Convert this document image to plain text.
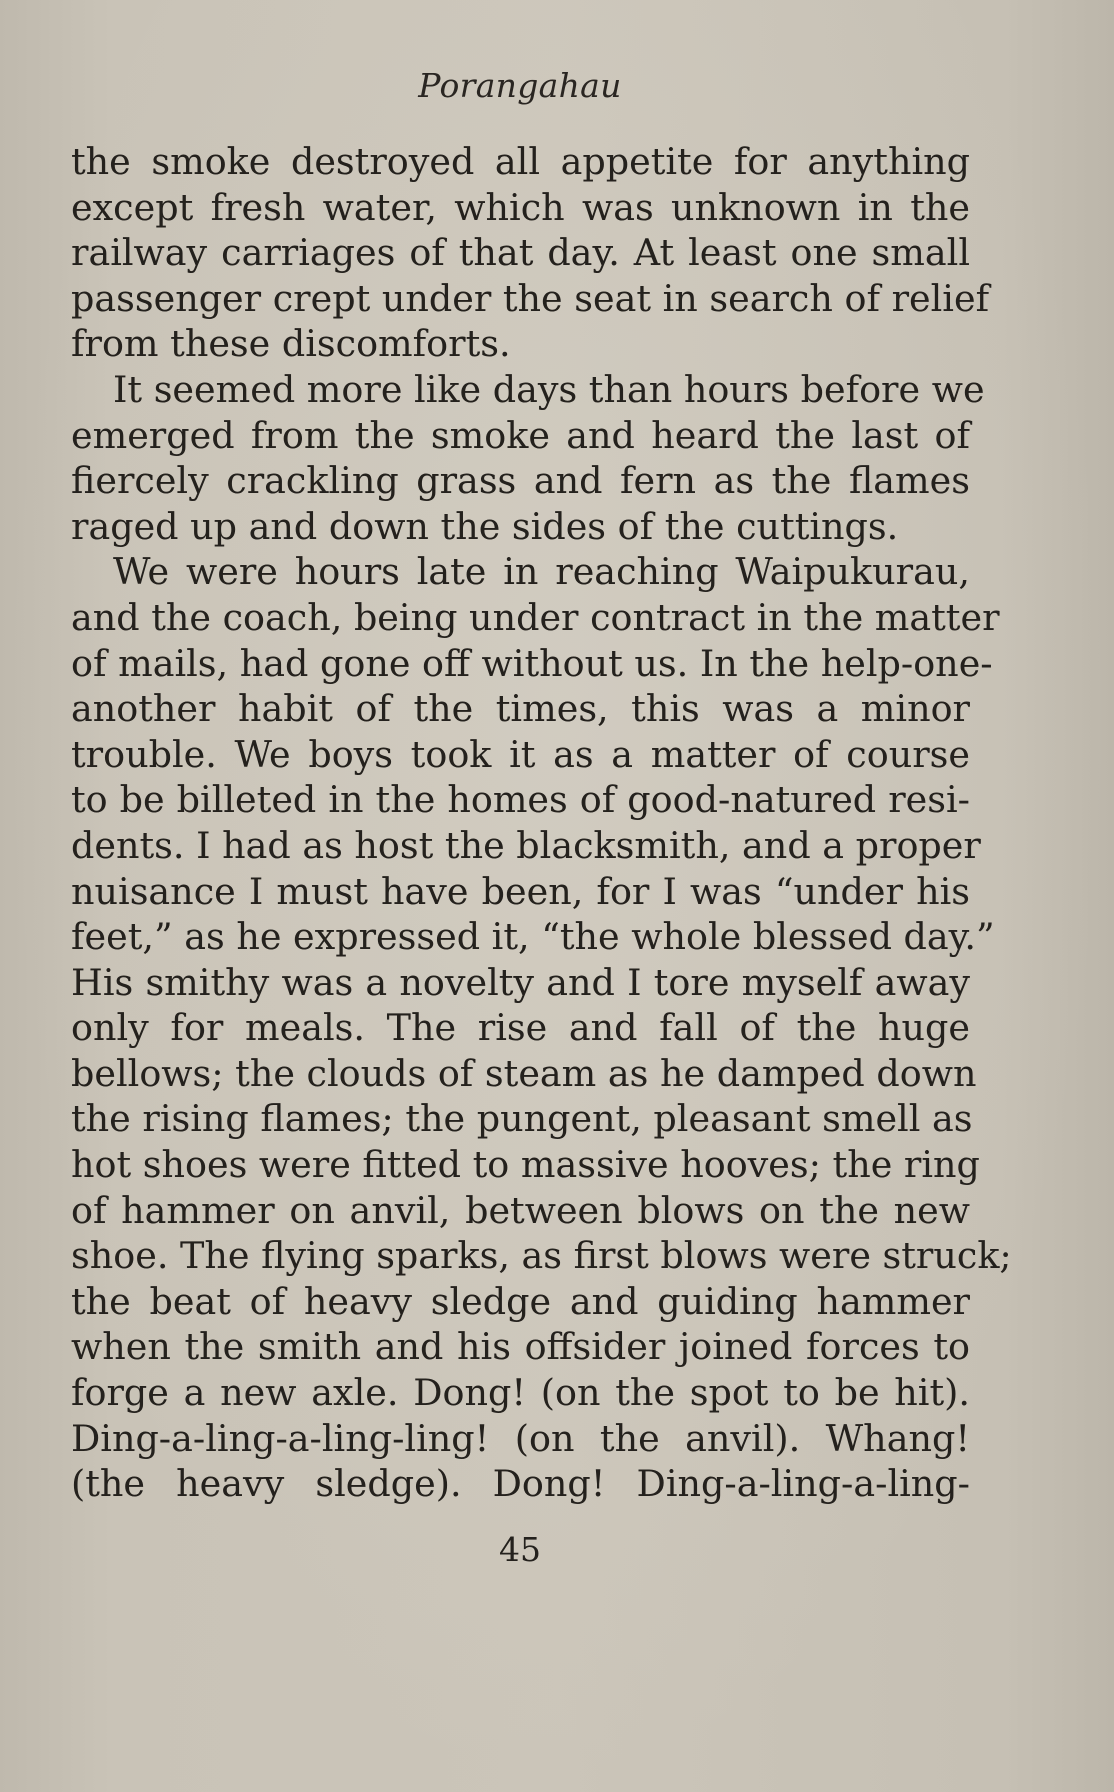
Porangahau
the smoke destroyed all appetite for anything
except fresh water, which was unknown in the
railway carriages of that day. At least one small
passenger crept under the seat in search of relief
from these discomforts.
It seemed more like days than hours before we
emerged from the smoke and heard the last of
fiercely crackling grass and fern as the flames
raged up and down the sides of the cuttings.
We were hours late in reaching Waipukurau,
and the coach, being under contract in the matter
of mails, had gone off without us. In the help-one-
another habit of the times, this was a minor
trouble. We boys took it as a matter of course
to be billeted in the homes of good-natured resi-
dents. I had as host the blacksmith, and a proper
nuisance I must have been, for I was “under his
feet,” as he expressed it, “the whole blessed day.”
His smithy was a novelty and I tore myself away
only for meals. The rise and fall of the huge
bellows; the clouds of steam as he damped down
the rising flames; the pungent, pleasant smell as
hot shoes were fitted to massive hooves; the ring
of hammer on anvil, between blows on the new
shoe. The flying sparks, as first blows were struck;
the beat of heavy sledge and guiding hammer
when the smith and his offsider joined forces to
forge a new axle. Dong! (on the spot to be hit).
Ding-a-ling-a-ling-ling! (on the anvil). Whang!
(the heavy sledge). Dong! Ding-a-ling-a-ling-
45
